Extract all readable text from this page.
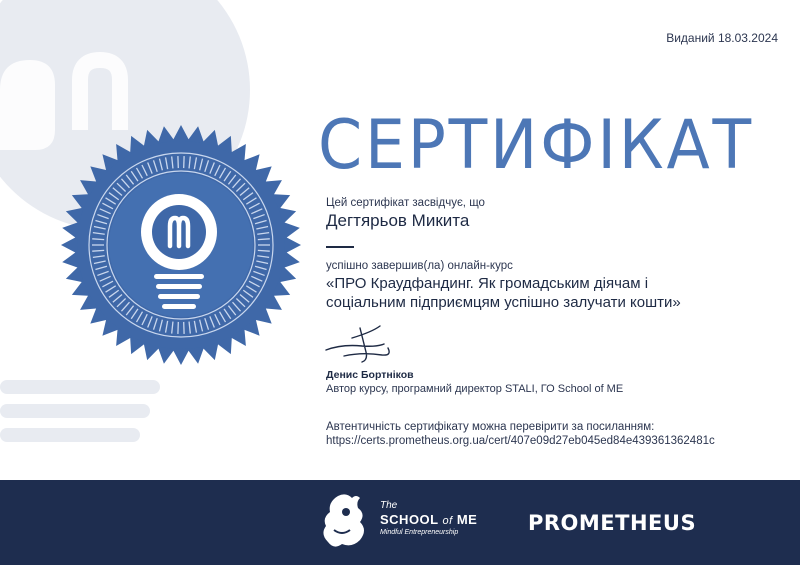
Виданий 18.03.2024
СЕРТИФІКАТ
Цей сертифікат засвідчує, що
Дегтярьов Микита
успішно завершив(ла) онлайн-курс
«ПРО Краудфандинг. Як громадським діячам і
соціальним підприємцям успішно залучати кошти»
Денис Бортніков
Автор курсу, програмний директор STALI, ГО School of ME
Автентичність сертифікату можна перевірити за посиланням:
https://certs.prometheus.org.ua/cert/407e09d27eb045ed84e439361362481c
The
SCHOOL of ME
Mindful Entrepreneurship	PROMETHEUS
